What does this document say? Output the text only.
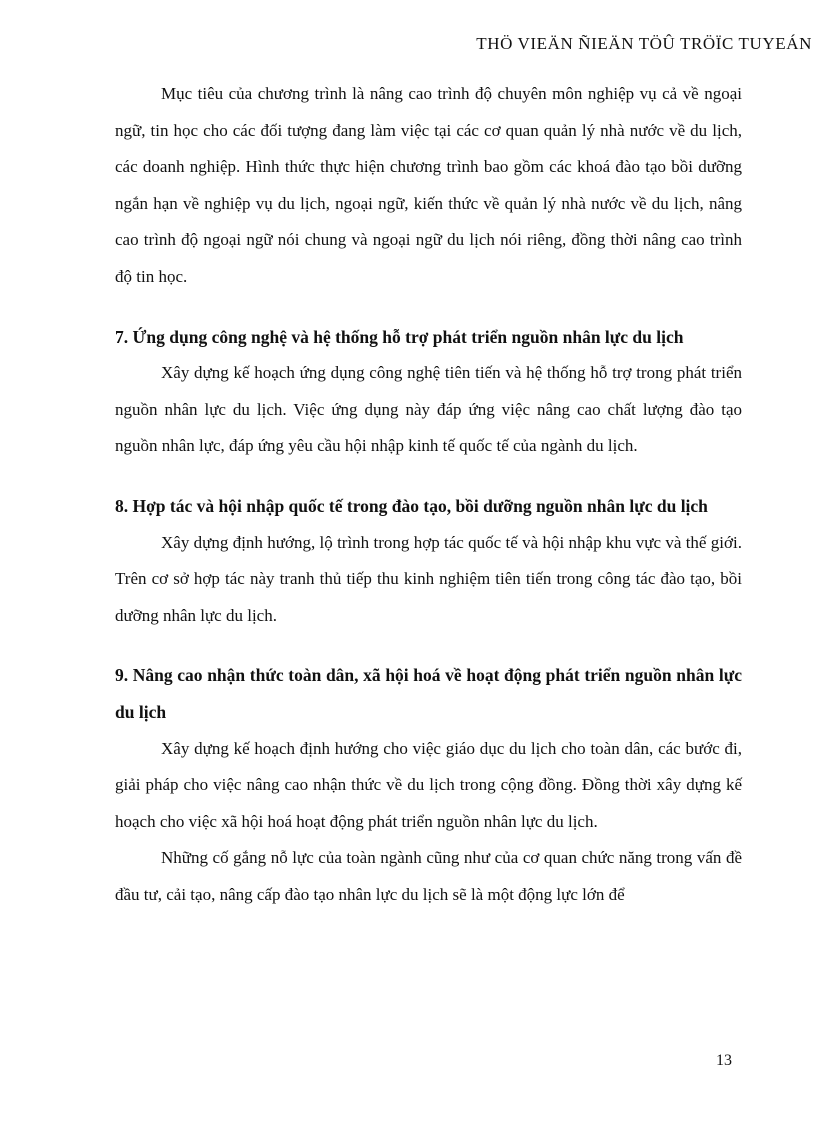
THÖ VIEÄN ÑIEÄN TÖÛ TRÖÏC TUYEÁN

Mục tiêu của chương trình là nâng cao trình độ chuyên môn nghiệp vụ cả về ngoại ngữ, tin học cho các đối tượng đang làm việc tại các cơ quan quản lý nhà nước về du lịch, các doanh nghiệp. Hình thức thực hiện chương trình bao gồm các khoá đào tạo bồi dưỡng ngắn hạn về nghiệp vụ du lịch, ngoại ngữ, kiến thức về quản lý nhà nước về du lịch, nâng cao trình độ ngoại ngữ nói chung và ngoại ngữ du lịch nói riêng, đồng thời nâng cao trình độ tin học.

7. Ứng dụng công nghệ và hệ thống hỗ trợ phát triển nguồn nhân lực du lịch

Xây dựng kế hoạch ứng dụng công nghệ tiên tiến và hệ thống hỗ trợ trong phát triển nguồn nhân lực du lịch. Việc ứng dụng này đáp ứng việc nâng cao chất lượng đào tạo nguồn nhân lực, đáp ứng yêu cầu hội nhập kinh tế quốc tế của ngành du lịch.

8. Hợp tác và hội nhập quốc tế trong đào tạo, bồi dưỡng nguồn nhân lực du lịch

Xây dựng định hướng, lộ trình trong hợp tác quốc tế và hội nhập khu vực và thế giới. Trên cơ sở hợp tác này tranh thủ tiếp thu kinh nghiệm tiên tiến trong công tác đào tạo, bồi dưỡng nhân lực du lịch.

9. Nâng cao nhận thức toàn dân, xã hội hoá về hoạt động phát triển nguồn nhân lực du lịch

Xây dựng kế hoạch định hướng cho việc giáo dục du lịch cho toàn dân, các bước đi, giải pháp cho việc nâng cao nhận thức về du lịch trong cộng đồng. Đồng thời xây dựng kế hoạch cho việc xã hội hoá hoạt động phát triển nguồn nhân lực du lịch.

Những cố gắng nỗ lực của toàn ngành cũng như của cơ quan chức năng trong vấn đề đầu tư, cải tạo, nâng cấp đào tạo nhân lực du lịch sẽ là một động lực lớn để

13
